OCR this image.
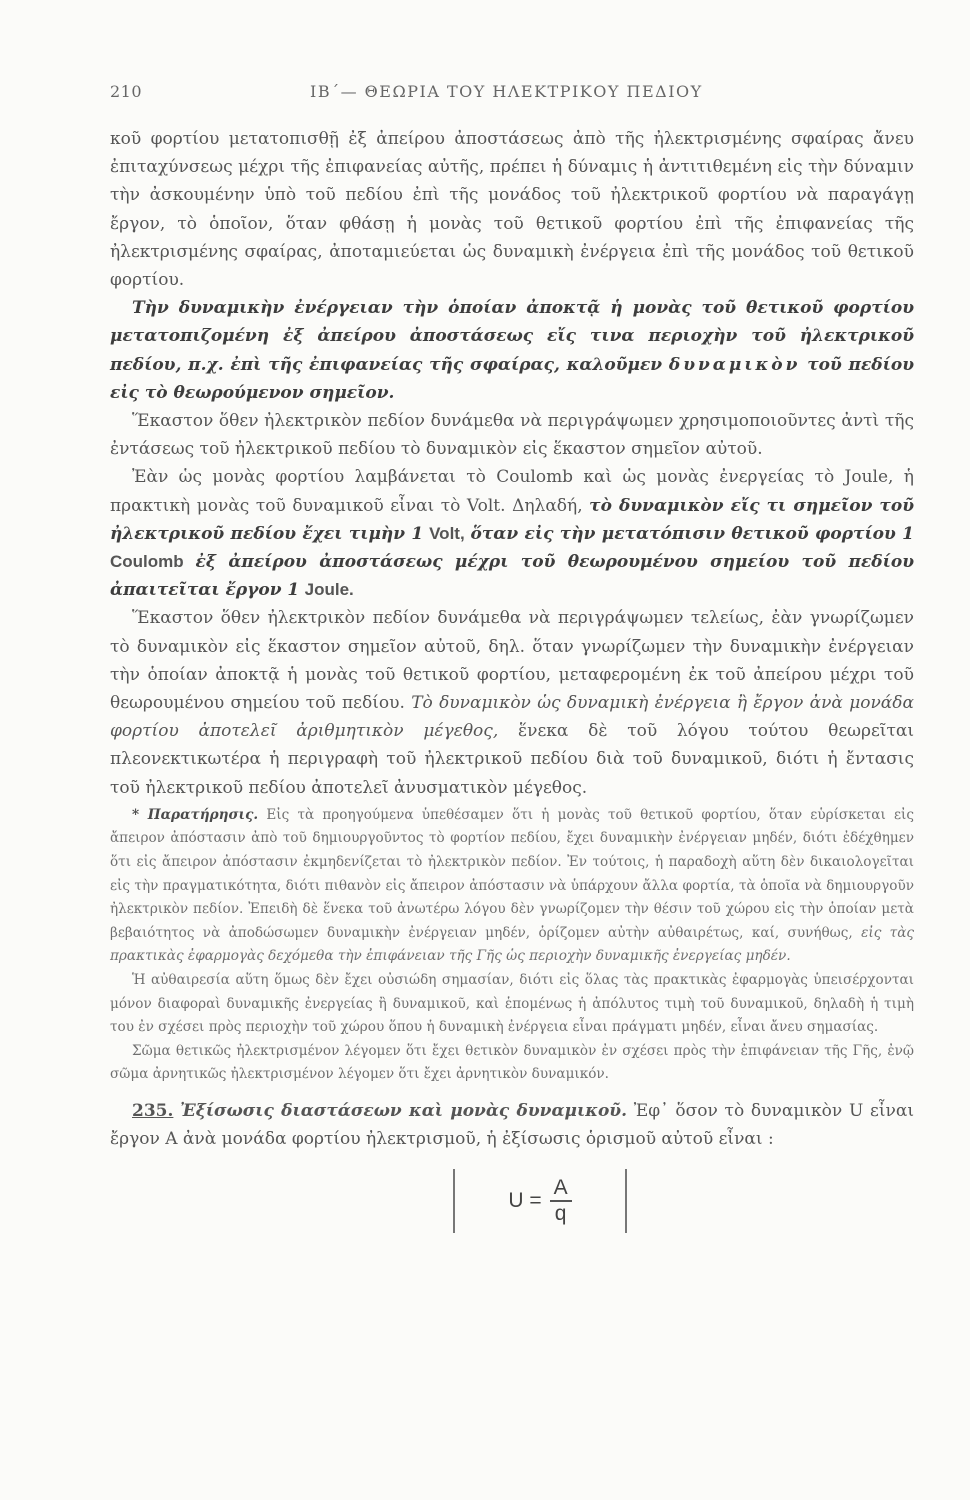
210	ΙΒ΄— ΘΕΩΡΙΑ ΤΟΥ ΗΛΕΚΤΡΙΚΟΥ ΠΕΔΙΟΥ

κοῦ φορτίου μετατοπισθῇ ἐξ ἀπείρου ἀποστάσεως ἀπὸ τῆς ἠλεκτρισμένης σφαίρας ἄνευ ἐπιταχύνσεως μέχρι τῆς ἐπιφανείας αὐτῆς, πρέπει ἡ δύναμις ἡ ἀντιτιθεμένη εἰς τὴν δύναμιν τὴν ἀσκουμένην ὑπὸ τοῦ πεδίου ἐπὶ τῆς μονάδος τοῦ ἠλεκτρικοῦ φορτίου νὰ παραγάγῃ ἔργον, τὸ ὁποῖον, ὅταν φθάσῃ ἡ μονὰς τοῦ θετικοῦ φορτίου ἐπὶ τῆς ἐπιφανείας τῆς ἠλεκτρισμένης σφαίρας, ἀποταμιεύεται ὡς δυναμικὴ ἐνέργεια ἐπὶ τῆς μονάδος τοῦ θετικοῦ φορτίου.

Τὴν δυναμικὴν ἐνέργειαν τὴν ὁποίαν ἀποκτᾷ ἡ μονὰς τοῦ θετικοῦ φορτίου μετατοπιζομένη ἐξ ἀπείρου ἀποστάσεως εἴς τινα περιοχὴν τοῦ ἠλεκτρικοῦ πεδίου, π.χ. ἐπὶ τῆς ἐπιφανείας τῆς σφαίρας, καλοῦμεν δυναμικὸν τοῦ πεδίου εἰς τὸ θεωρούμενον σημεῖον.

Ἕκαστον ὅθεν ἠλεκτρικὸν πεδίον δυνάμεθα νὰ περιγράψωμεν χρησιμοποιοῦντες ἀντὶ τῆς ἐντάσεως τοῦ ἠλεκτρικοῦ πεδίου τὸ δυναμικὸν εἰς ἕκαστον σημεῖον αὐτοῦ.

Ἐὰν ὡς μονὰς φορτίου λαμβάνεται τὸ Coulomb καὶ ὡς μονὰς ἐνεργείας τὸ Joule, ἡ πρακτικὴ μονὰς τοῦ δυναμικοῦ εἶναι τὸ Volt. Δηλαδή, τὸ δυναμικὸν εἴς τι σημεῖον τοῦ ἠλεκτρικοῦ πεδίου ἔχει τιμὴν 1 Volt, ὅταν εἰς τὴν μετατόπισιν θετικοῦ φορτίου 1 Coulomb ἐξ ἀπείρου ἀποστάσεως μέχρι τοῦ θεωρουμένου σημείου τοῦ πεδίου ἀπαιτεῖται ἔργον 1 Joule.

Ἕκαστον ὅθεν ἠλεκτρικὸν πεδίον δυνάμεθα νὰ περιγράψωμεν τελείως, ἐὰν γνωρίζωμεν τὸ δυναμικὸν εἰς ἕκαστον σημεῖον αὐτοῦ, δηλ. ὅταν γνωρίζωμεν τὴν δυναμικὴν ἐνέργειαν τὴν ὁποίαν ἀποκτᾷ ἡ μονὰς τοῦ θετικοῦ φορτίου, μεταφερομένη ἐκ τοῦ ἀπείρου μέχρι τοῦ θεωρουμένου σημείου τοῦ πεδίου. Τὸ δυναμικὸν ὡς δυναμικὴ ἐνέργεια ἢ ἔργον ἀνὰ μονάδα φορτίου ἀποτελεῖ ἀριθμητικὸν μέγεθος, ἕνεκα δὲ τοῦ λόγου τούτου θεωρεῖται πλεονεκτικωτέρα ἡ περιγραφὴ τοῦ ἠλεκτρικοῦ πεδίου διὰ τοῦ δυναμικοῦ, διότι ἡ ἔντασις τοῦ ἠλεκτρικοῦ πεδίου ἀποτελεῖ ἀνυσματικὸν μέγεθος.

* Παρατήρησις. Εἰς τὰ προηγούμενα ὑπεθέσαμεν ὅτι ἡ μονὰς τοῦ θετικοῦ φορτίου, ὅταν εὑρίσκεται εἰς ἄπειρον ἀπόστασιν ἀπὸ τοῦ δημιουργοῦντος τὸ φορτίον πεδίου, ἔχει δυναμικὴν ἐνέργειαν μηδέν, διότι ἐδέχθημεν ὅτι εἰς ἄπειρον ἀπόστασιν ἐκμηδενίζεται τὸ ἠλεκτρικὸν πεδίον. Ἐν τούτοις, ἡ παραδοχὴ αὕτη δὲν δικαιολογεῖται εἰς τὴν πραγματικότητα, διότι πιθανὸν εἰς ἄπειρον ἀπόστασιν νὰ ὑπάρχουν ἄλλα φορτία, τὰ ὁποῖα νὰ δημιουργοῦν ἠλεκτρικὸν πεδίον. Ἐπειδὴ δὲ ἕνεκα τοῦ ἀνωτέρω λόγου δὲν γνωρίζομεν τὴν θέσιν τοῦ χώρου εἰς τὴν ὁποίαν μετὰ βεβαιότητος νὰ ἀποδώσωμεν δυναμικὴν ἐνέργειαν μηδέν, ὁρίζομεν αὐτὴν αὐθαιρέτως, καί, συνήθως, εἰς τὰς πρακτικὰς ἐφαρμογὰς δεχόμεθα τὴν ἐπιφάνειαν τῆς Γῆς ὡς περιοχὴν δυναμικῆς ἐνεργείας μηδέν.

Ἡ αὐθαιρεσία αὕτη ὅμως δὲν ἔχει οὐσιώδη σημασίαν, διότι εἰς ὅλας τὰς πρακτικὰς ἐφαρμογὰς ὑπεισέρχονται μόνον διαφοραὶ δυναμικῆς ἐνεργείας ἢ δυναμικοῦ, καὶ ἑπομένως ἡ ἀπόλυτος τιμὴ τοῦ δυναμικοῦ, δηλαδὴ ἡ τιμὴ του ἐν σχέσει πρὸς περιοχὴν τοῦ χώρου ὅπου ἡ δυναμικὴ ἐνέργεια εἶναι πράγματι μηδέν, εἶναι ἄνευ σημασίας.

Σῶμα θετικῶς ἠλεκτρισμένον λέγομεν ὅτι ἔχει θετικὸν δυναμικὸν ἐν σχέσει πρὸς τὴν ἐπιφάνειαν τῆς Γῆς, ἐνῷ σῶμα ἀρνητικῶς ἠλεκτρισμένον λέγομεν ὅτι ἔχει ἀρνητικὸν δυναμικόν.

235. Ἐξίσωσις διαστάσεων καὶ μονὰς δυναμικοῦ. Ἐφ᾽ ὅσον τὸ δυναμικὸν U εἶναι ἔργον A ἀνὰ μονάδα φορτίου ἠλεκτρισμοῦ, ἡ ἐξίσωσις ὁρισμοῦ αὐτοῦ εἶναι :

$U = \frac{A}{q}$
